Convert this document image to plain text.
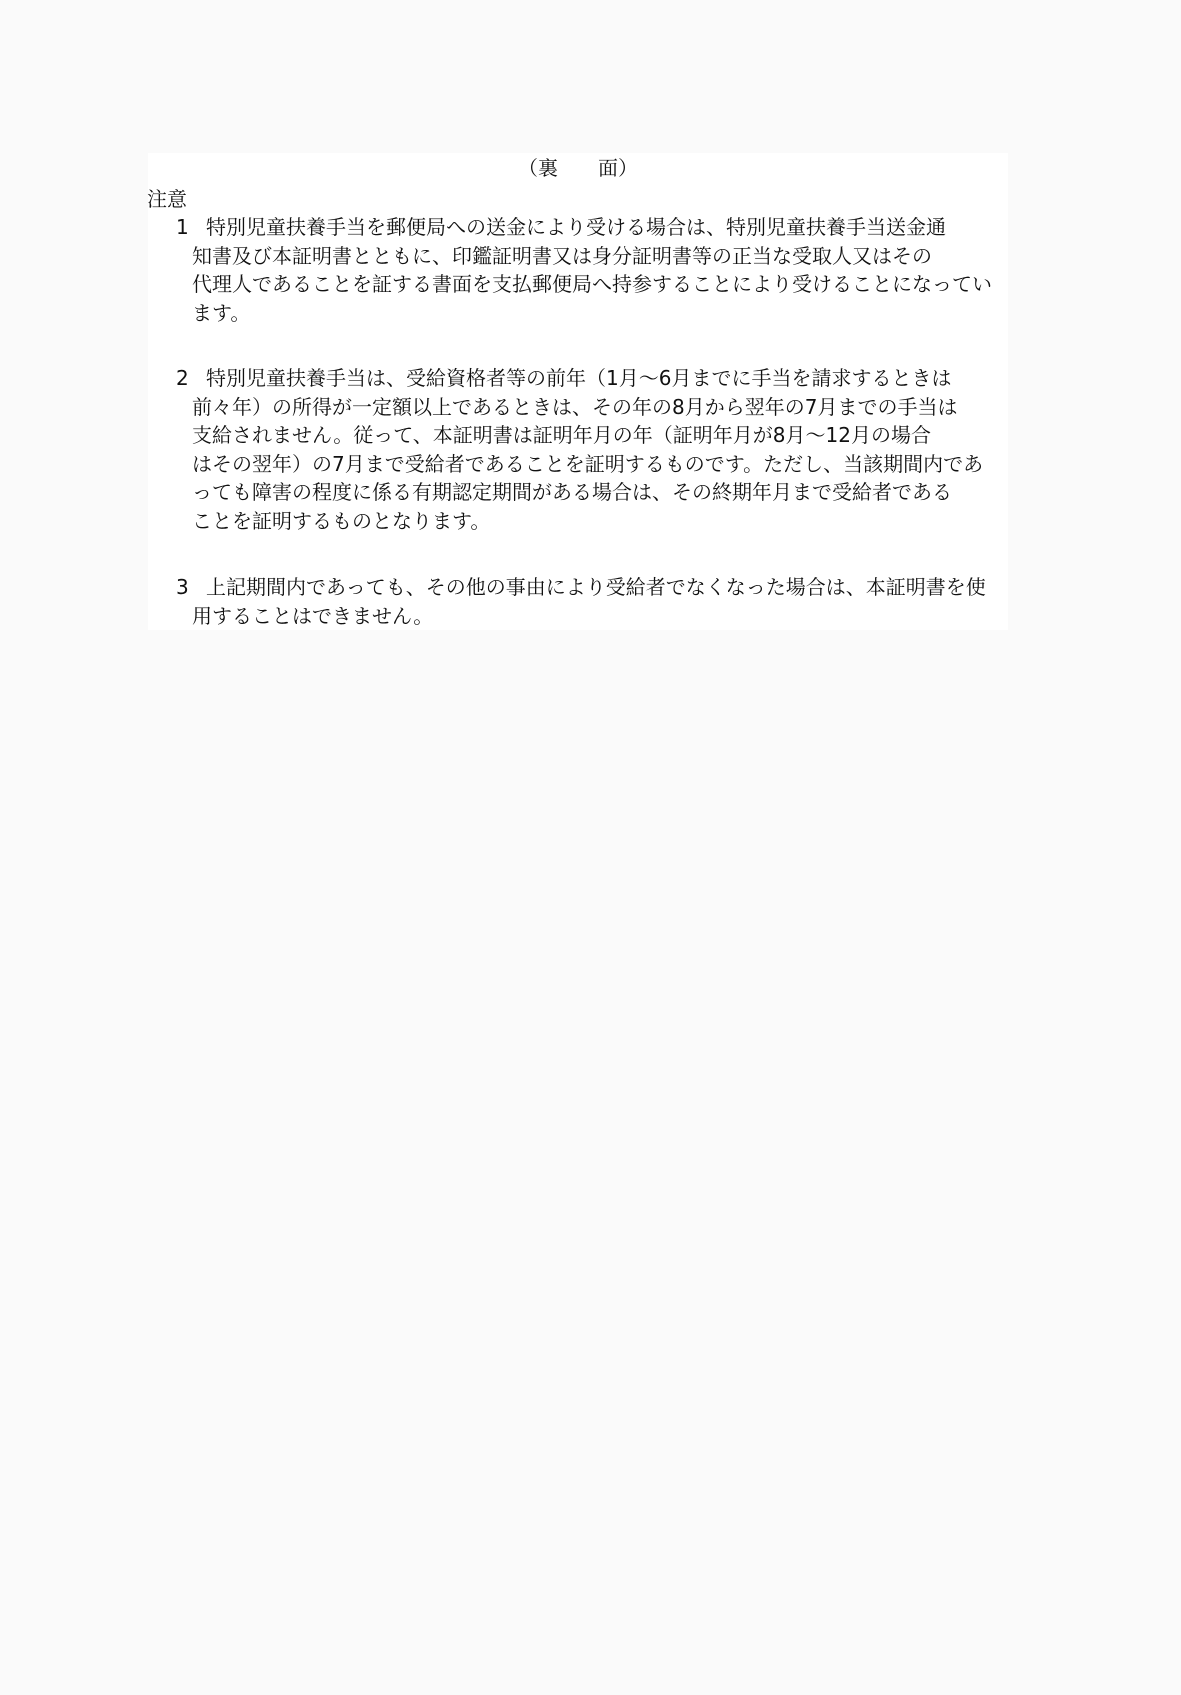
（裏　　面）
注意
1 特別児童扶養手当を郵便局への送金により受ける場合は、特別児童扶養手当送金通
知書及び本証明書とともに、印鑑証明書又は身分証明書等の正当な受取人又はその
代理人であることを証する書面を支払郵便局へ持参することにより受けることになってい
ます。
2 特別児童扶養手当は、受給資格者等の前年（1月～6月までに手当を請求するときは
前々年）の所得が一定額以上であるときは、その年の8月から翌年の7月までの手当は
支給されません。従って、本証明書は証明年月の年（証明年月が8月～12月の場合
はその翌年）の7月まで受給者であることを証明するものです。ただし、当該期間内であ
っても障害の程度に係る有期認定期間がある場合は、その終期年月まで受給者である
ことを証明するものとなります。
3 上記期間内であっても、その他の事由により受給者でなくなった場合は、本証明書を使
用することはできません。
